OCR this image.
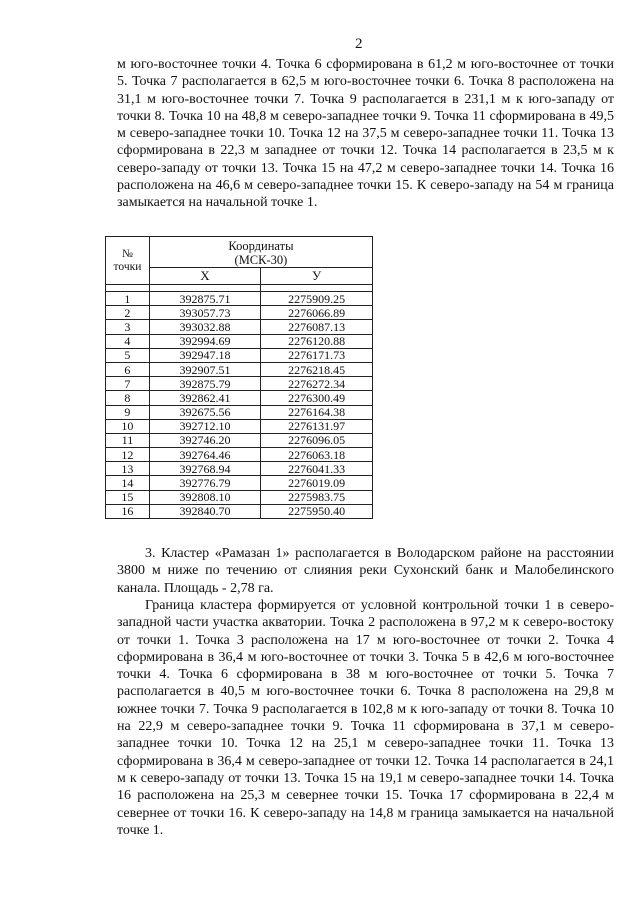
2

м юго-восточнее точки 4. Точка 6 сформирована в 61,2 м юго-восточнее от точки 5. Точка 7 располагается в 62,5 м юго-восточнее точки 6. Точка 8 расположена на 31,1 м юго-восточнее точки 7. Точка 9 располагается в 231,1 м к юго-западу от точки 8. Точка 10 на 48,8 м северо-западнее точки 9. Точка 11 сформирована в 49,5 м северо-западнее точки 10. Точка 12 на 37,5 м северо-западнее точки 11. Точка 13 сформирована в 22,3 м западнее от точки 12. Точка 14 располагается в 23,5 м к северо-западу от точки 13. Точка 15 на 47,2 м северо-западнее точки 14. Точка 16 расположена на 46,6 м северо-западнее точки 15. К северо-западу на 54 м граница замыкается на начальной точке 1.

№ точки	Координаты
(МСК-30)	
	Х	У

1	392875.71	2275909.25
2	393057.73	2276066.89
3	393032.88	2276087.13
4	392994.69	2276120.88
5	392947.18	2276171.73
6	392907.51	2276218.45
7	392875.79	2276272.34
8	392862.41	2276300.49
9	392675.56	2276164.38
10	392712.10	2276131.97
11	392746.20	2276096.05
12	392764.46	2276063.18
13	392768.94	2276041.33
14	392776.79	2276019.09
15	392808.10	2275983.75
16	392840.70	2275950.40

3. Кластер «Рамазан 1» располагается в Володарском районе на расстоянии 3800 м ниже по течению от слияния реки Сухонский банк и Малобелинского канала. Площадь - 2,78 га.

Граница кластера формируется от условной контрольной точки 1 в северо-западной части участка акватории. Точка 2 расположена в 97,2 м к северо-востоку от точки 1. Точка 3 расположена на 17 м юго-восточнее от точки 2. Точка 4 сформирована в 36,4 м юго-восточнее от точки 3. Точка 5 в 42,6 м юго-восточнее точки 4. Точка 6 сформирована в 38 м юго-восточнее от точки 5. Точка 7 располагается в 40,5 м юго-восточнее точки 6. Точка 8 расположена на 29,8 м южнее точки 7. Точка 9 располагается в 102,8 м к юго-западу от точки 8. Точка 10 на 22,9 м северо-западнее точки 9. Точка 11 сформирована в 37,1 м северо-западнее точки 10. Точка 12 на 25,1 м северо-западнее точки 11. Точка 13 сформирована в 36,4 м северо-западнее от точки 12. Точка 14 располагается в 24,1 м к северо-западу от точки 13. Точка 15 на 19,1 м северо-западнее точки 14. Точка 16 расположена на 25,3 м севернее точки 15. Точка 17 сформирована в 22,4 м севернее от точки 16. К северо-западу на 14,8 м граница замыкается на начальной точке 1.
